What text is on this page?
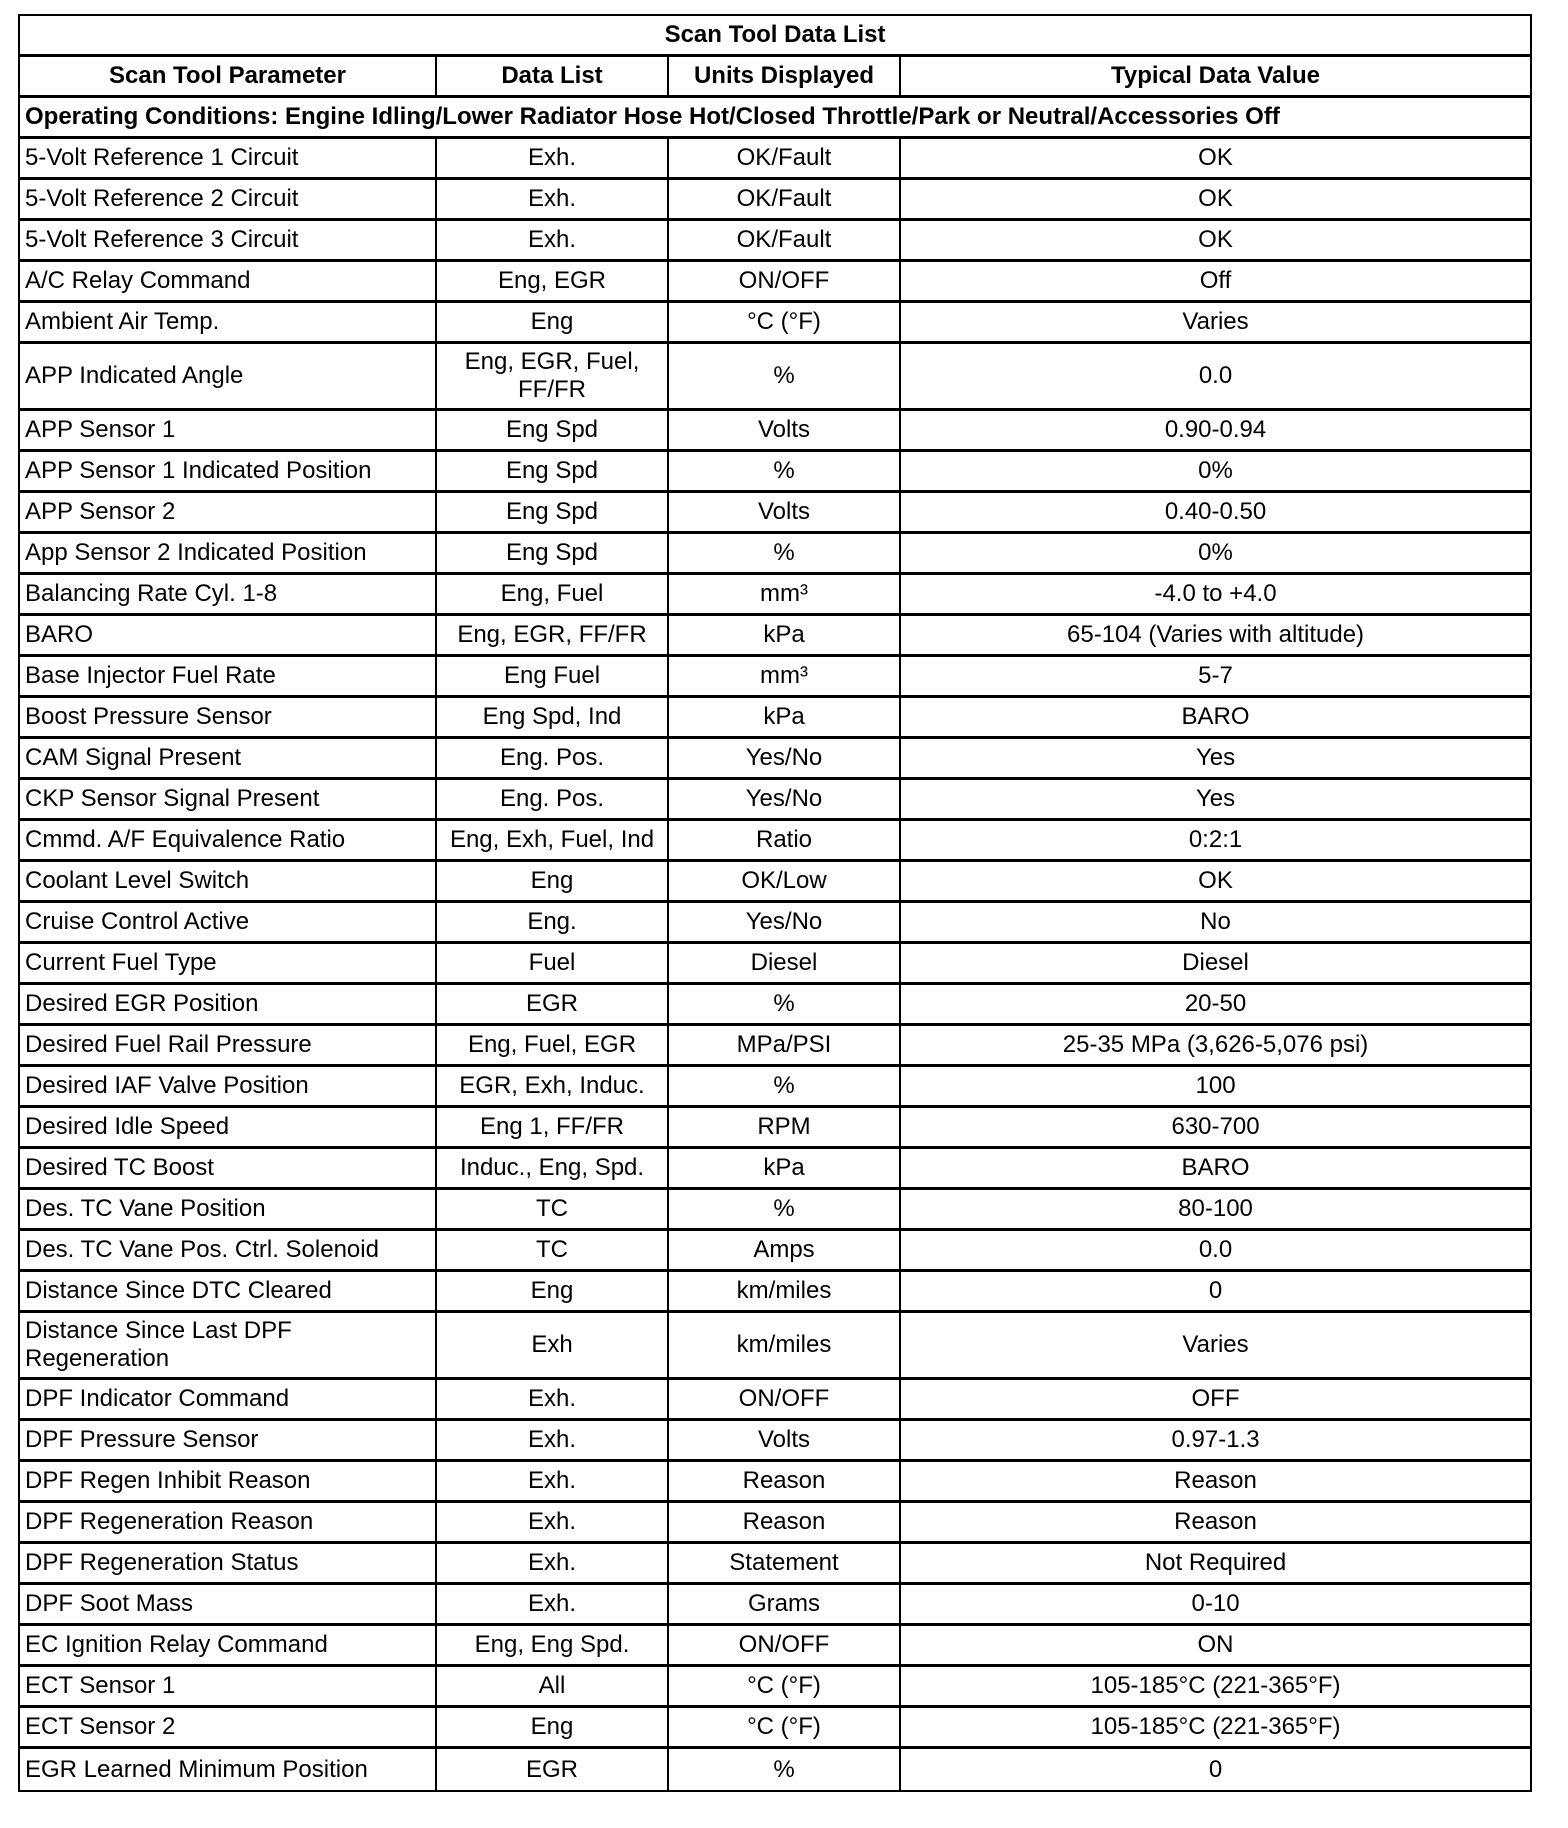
Scan Tool Data List			
Scan Tool Parameter	Data List	Units Displayed	Typical Data Value
Operating Conditions: Engine Idling/Lower Radiator Hose Hot/Closed Throttle/Park or Neutral/Accessories Off			
5-Volt Reference 1 Circuit	Exh.	OK/Fault	OK
5-Volt Reference 2 Circuit	Exh.	OK/Fault	OK
5-Volt Reference 3 Circuit	Exh.	OK/Fault	OK
A/C Relay Command	Eng, EGR	ON/OFF	Off
Ambient Air Temp.	Eng	°C (°F)	Varies
APP Indicated Angle	Eng, EGR, Fuel, FF/FR	%	0.0
APP Sensor 1	Eng Spd	Volts	0.90-0.94
APP Sensor 1 Indicated Position	Eng Spd	%	0%
APP Sensor 2	Eng Spd	Volts	0.40-0.50
App Sensor 2 Indicated Position	Eng Spd	%	0%
Balancing Rate Cyl. 1-8	Eng, Fuel	mm³	-4.0 to +4.0
BARO	Eng, EGR, FF/FR	kPa	65-104 (Varies with altitude)
Base Injector Fuel Rate	Eng Fuel	mm³	5-7
Boost Pressure Sensor	Eng Spd, Ind	kPa	BARO
CAM Signal Present	Eng. Pos.	Yes/No	Yes
CKP Sensor Signal Present	Eng. Pos.	Yes/No	Yes
Cmmd. A/F Equivalence Ratio	Eng, Exh, Fuel, Ind	Ratio	0:2:1
Coolant Level Switch	Eng	OK/Low	OK
Cruise Control Active	Eng.	Yes/No	No
Current Fuel Type	Fuel	Diesel	Diesel
Desired EGR Position	EGR	%	20-50
Desired Fuel Rail Pressure	Eng, Fuel, EGR	MPa/PSI	25-35 MPa (3,626-5,076 psi)
Desired IAF Valve Position	EGR, Exh, Induc.	%	100
Desired Idle Speed	Eng 1, FF/FR	RPM	630-700
Desired TC Boost	Induc., Eng, Spd.	kPa	BARO
Des. TC Vane Position	TC	%	80-100
Des. TC Vane Pos. Ctrl. Solenoid	TC	Amps	0.0
Distance Since DTC Cleared	Eng	km/miles	0
Distance Since Last DPF Regeneration	Exh	km/miles	Varies
DPF Indicator Command	Exh.	ON/OFF	OFF
DPF Pressure Sensor	Exh.	Volts	0.97-1.3
DPF Regen Inhibit Reason	Exh.	Reason	Reason
DPF Regeneration Reason	Exh.	Reason	Reason
DPF Regeneration Status	Exh.	Statement	Not Required
DPF Soot Mass	Exh.	Grams	0-10
EC Ignition Relay Command	Eng, Eng Spd.	ON/OFF	ON
ECT Sensor 1	All	°C (°F)	105-185°C (221-365°F)
ECT Sensor 2	Eng	°C (°F)	105-185°C (221-365°F)
EGR Learned Minimum Position	EGR	%	0
